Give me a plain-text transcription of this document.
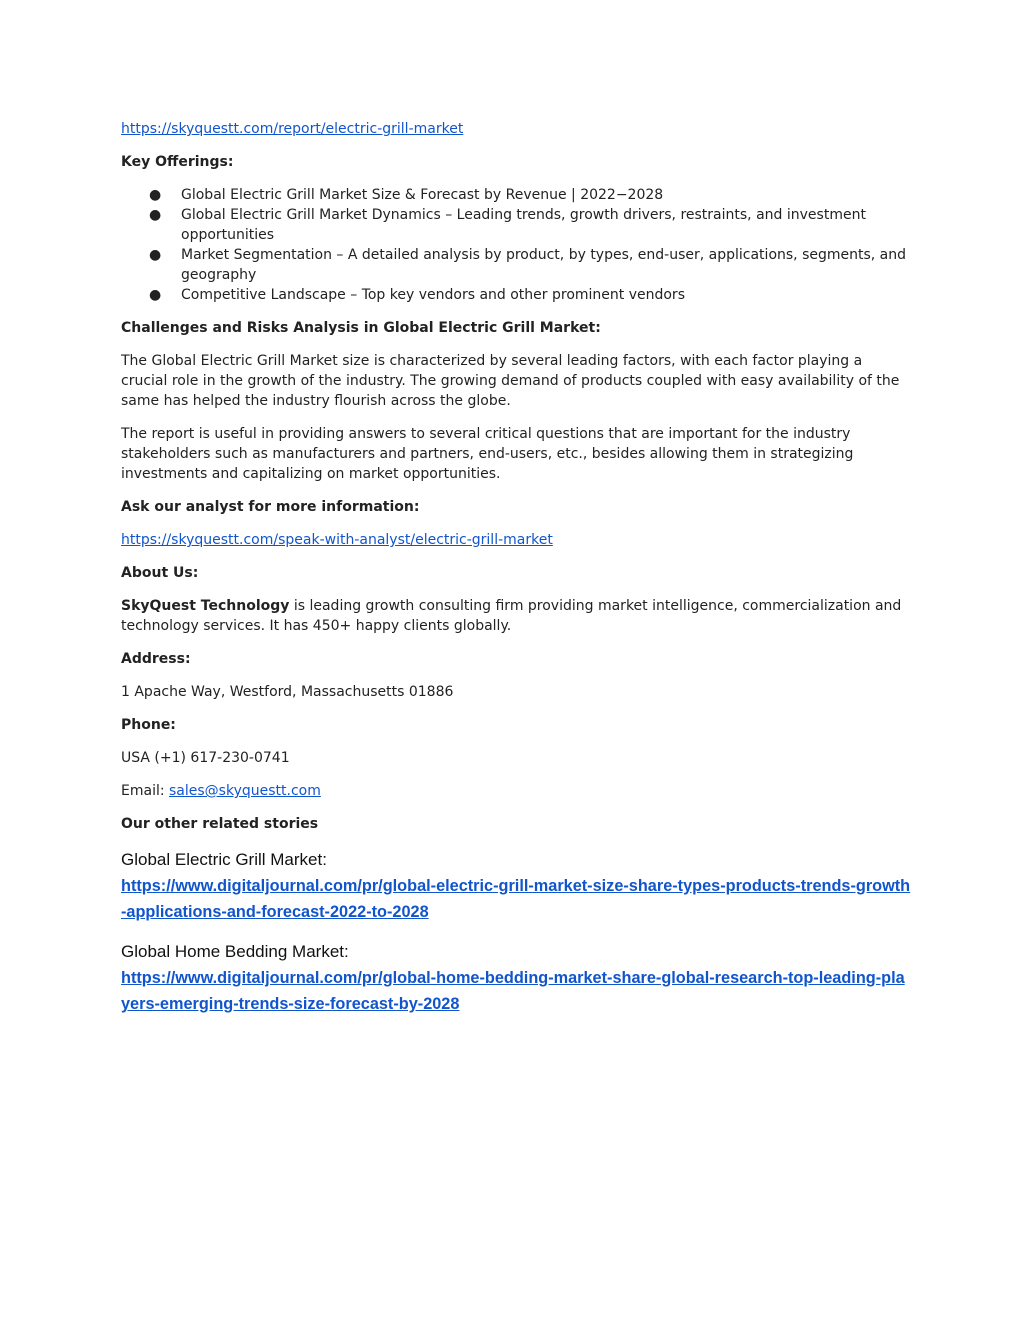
https://skyquestt.com/report/electric-grill-market

Key Offerings:

● Global Electric Grill Market Size & Forecast by Revenue | 2022−2028
● Global Electric Grill Market Dynamics – Leading trends, growth drivers, restraints, and investment opportunities
● Market Segmentation – A detailed analysis by product, by types, end-user, applications, segments, and geography
● Competitive Landscape – Top key vendors and other prominent vendors

Challenges and Risks Analysis in Global Electric Grill Market:

The Global Electric Grill Market size is characterized by several leading factors, with each factor playing a crucial role in the growth of the industry. The growing demand of products coupled with easy availability of the same has helped the industry flourish across the globe.

The report is useful in providing answers to several critical questions that are important for the industry stakeholders such as manufacturers and partners, end-users, etc., besides allowing them in strategizing investments and capitalizing on market opportunities.

Ask our analyst for more information:

https://skyquestt.com/speak-with-analyst/electric-grill-market

About Us:

SkyQuest Technology is leading growth consulting firm providing market intelligence, commercialization and technology services. It has 450+ happy clients globally.

Address:

1 Apache Way, Westford, Massachusetts 01886

Phone:

USA (+1) 617-230-0741

Email: sales@skyquestt.com

Our other related stories

Global Electric Grill Market:
https://www.digitaljournal.com/pr/global-electric-grill-market-size-share-types-products-trends-growth-applications-and-forecast-2022-to-2028
Global Home Bedding Market:
https://www.digitaljournal.com/pr/global-home-bedding-market-share-global-research-top-leading-players-emerging-trends-size-forecast-by-2028
